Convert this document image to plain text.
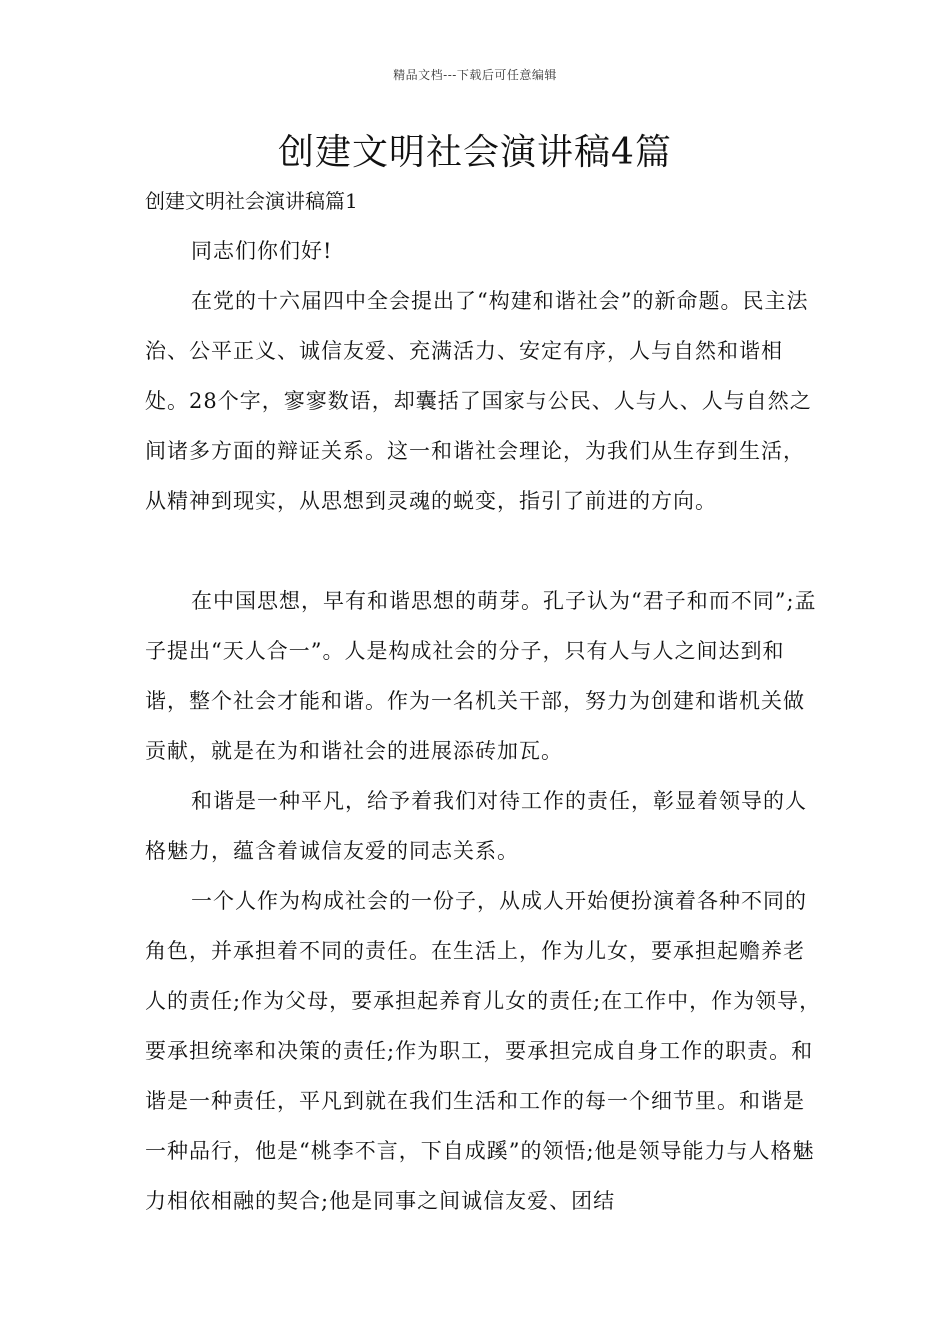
精品文档---下载后可任意编辑
创建文明社会演讲稿4篇
创建文明社会演讲稿篇1

同志们你们好!

在党的十六届四中全会提出了“构建和谐社会”的新命题。民主法治、公平正义、诚信友爱、充满活力、安定有序，人与自然和谐相处。28个字，寥寥数语，却囊括了国家与公民、人与人、人与自然之间诸多方面的辩证关系。这一和谐社会理论，为我们从生存到生活，从精神到现实，从思想到灵魂的蜕变，指引了前进的方向。

在中国思想，早有和谐思想的萌芽。孔子认为“君子和而不同”;孟子提出“天人合一”。人是构成社会的分子，只有人与人之间达到和谐，整个社会才能和谐。作为一名机关干部，努力为创建和谐机关做贡献，就是在为和谐社会的进展添砖加瓦。

和谐是一种平凡，给予着我们对待工作的责任，彰显着领导的人格魅力，蕴含着诚信友爱的同志关系。

一个人作为构成社会的一份子，从成人开始便扮演着各种不同的角色，并承担着不同的责任。在生活上，作为儿女，要承担起赡养老人的责任;作为父母，要承担起养育儿女的责任;在工作中，作为领导，要承担统率和决策的责任;作为职工，要承担完成自身工作的职责。和谐是一种责任，平凡到就在我们生活和工作的每一个细节里。和谐是一种品行，他是“桃李不言，下自成蹊”的领悟;他是领导能力与人格魅力相依相融的契合;他是同事之间诚信友爱、团结
